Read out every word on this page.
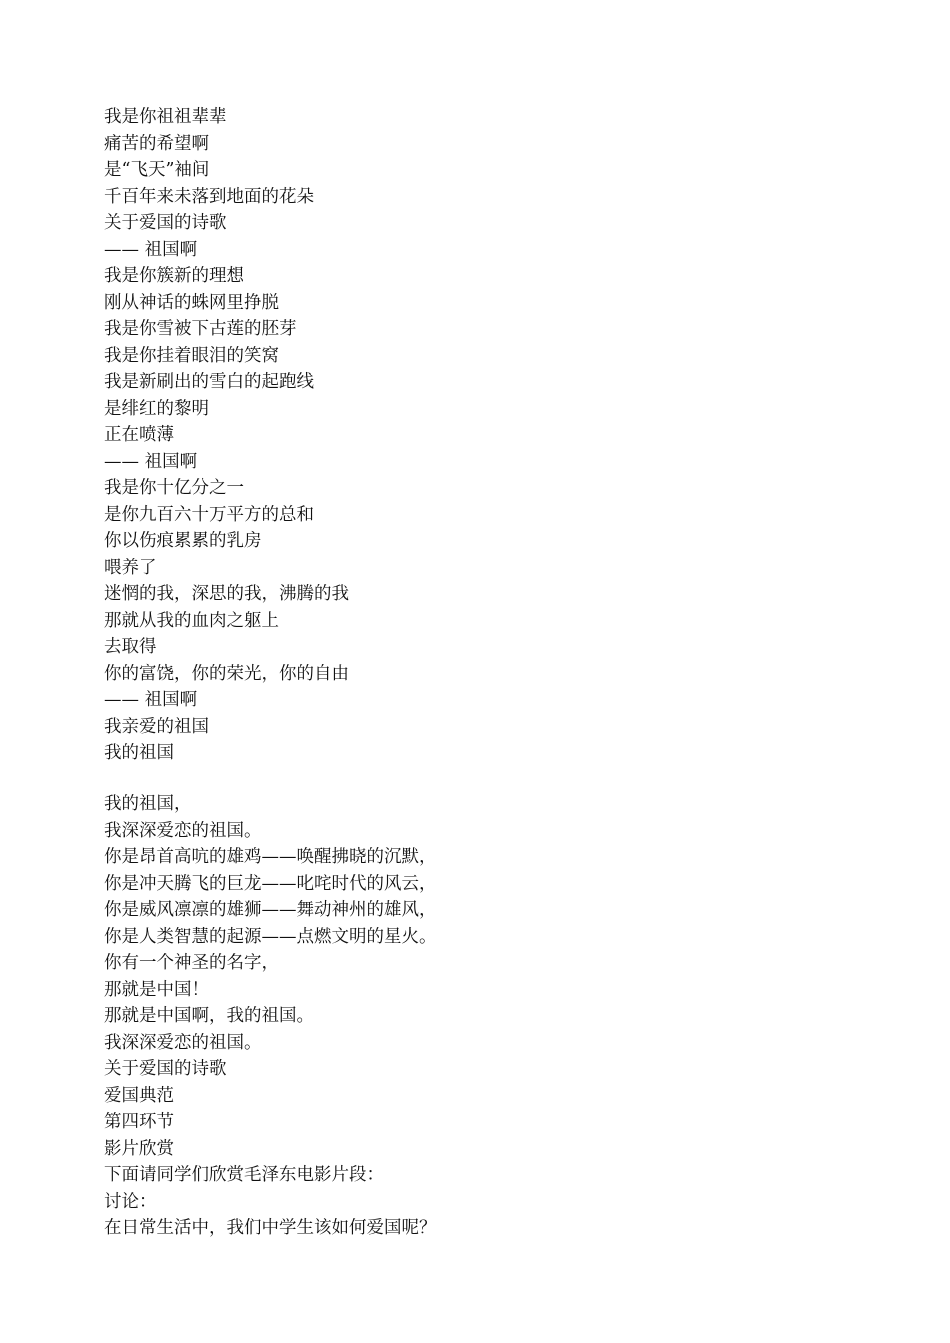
我是你祖祖辈辈
痛苦的希望啊
是“飞天”袖间
千百年来未落到地面的花朵
关于爱国的诗歌
—— 祖国啊
我是你簇新的理想
刚从神话的蛛网里挣脱
我是你雪被下古莲的胚芽
我是你挂着眼泪的笑窝
我是新刷出的雪白的起跑线
是绯红的黎明
正在喷薄
—— 祖国啊
我是你十亿分之一
是你九百六十万平方的总和
你以伤痕累累的乳房
喂养了
迷惘的我，深思的我，沸腾的我
那就从我的血肉之躯上
去取得
你的富饶，你的荣光，你的自由
—— 祖国啊
我亲爱的祖国
我的祖国
我的祖国，
我深深爱恋的祖国。
你是昂首高吭的雄鸡——唤醒拂晓的沉默，
你是冲天腾飞的巨龙——叱咤时代的风云，
你是威风凛凛的雄狮——舞动神州的雄风，
你是人类智慧的起源——点燃文明的星火。
你有一个神圣的名字，
那就是中国！
那就是中国啊，我的祖国。
我深深爱恋的祖国。
关于爱国的诗歌
爱国典范
第四环节
影片欣赏
下面请同学们欣赏毛泽东电影片段：
讨论：
在日常生活中，我们中学生该如何爱国呢？
